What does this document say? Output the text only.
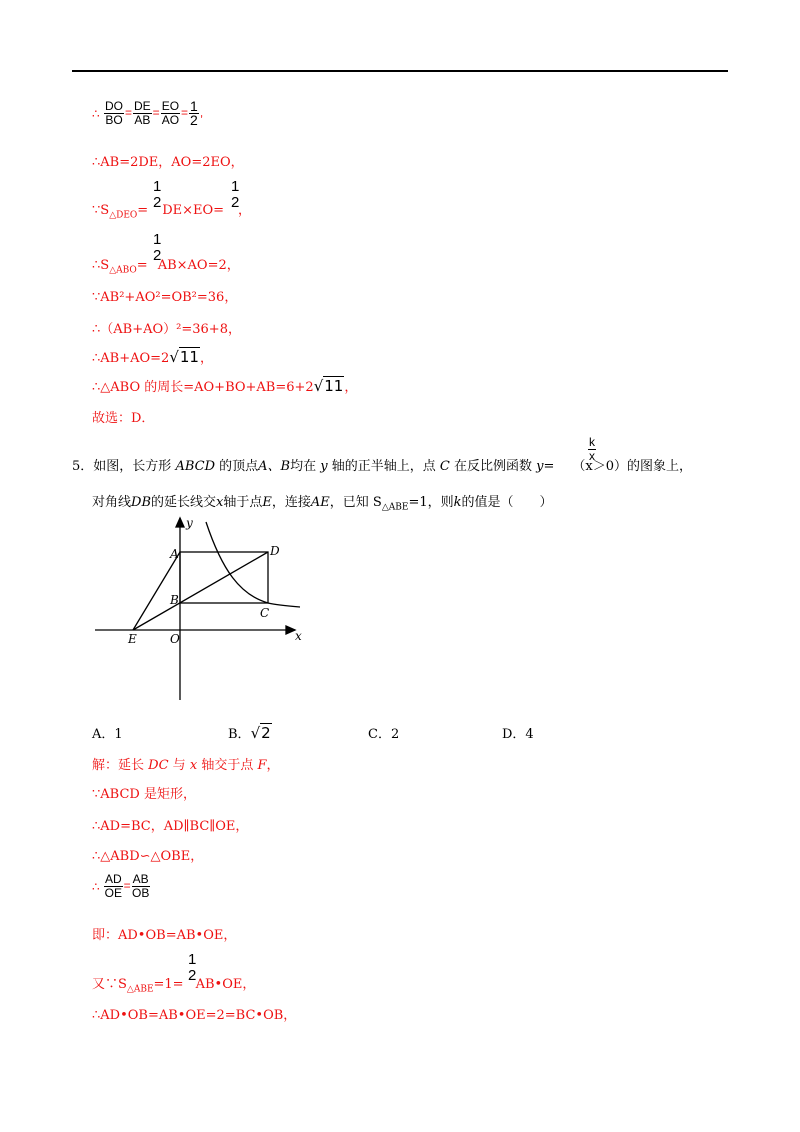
∴ $\frac{DO}{BO} = \frac{DE}{AB} = \frac{EO}{AO} = \frac{1}{2}$ ,
∴AB=2DE，AO=2EO，
$\because S_{\triangle DEO}= DE\times EO=$ ，
1
2
1
2
$\therefore S_{\triangle ABO}= AB\times AO=2$，
1
2
∵AB²+AO²=OB²=36，
∴（AB+AO）²=36+8，
∴AB+AO=2√11，
∴△ABO 的周长=AO+BO+AB=6+2√11，
故选：D．
5．如图，长方形 ABCD 的顶点A、B均在 y 轴的正半轴上，点 C 在反比例函数 y= （x＞0）的图象上，
$\frac{k}{x}$
对角线DB的延长线交x轴于点E，连接AE，已知 $S_{\triangle ABE}=1$，则k的值是（　　）
y
x
A	D
B
C
E	O
A．1	B．√2	C．2	D．4
解：延长 DC 与 x 轴交于点 F，
∵ABCD 是矩形，
∴AD=BC，AD∥BC∥OE，
∴△ABD∽△OBE，
∴ $\frac{AD}{OE} = \frac{AB}{OB}$
即：AD•OB=AB•OE，
又$\because S_{\triangle ABE}=1=$ AB•OE，
1
2
∴AD•OB=AB•OE=2=BC•OB，
